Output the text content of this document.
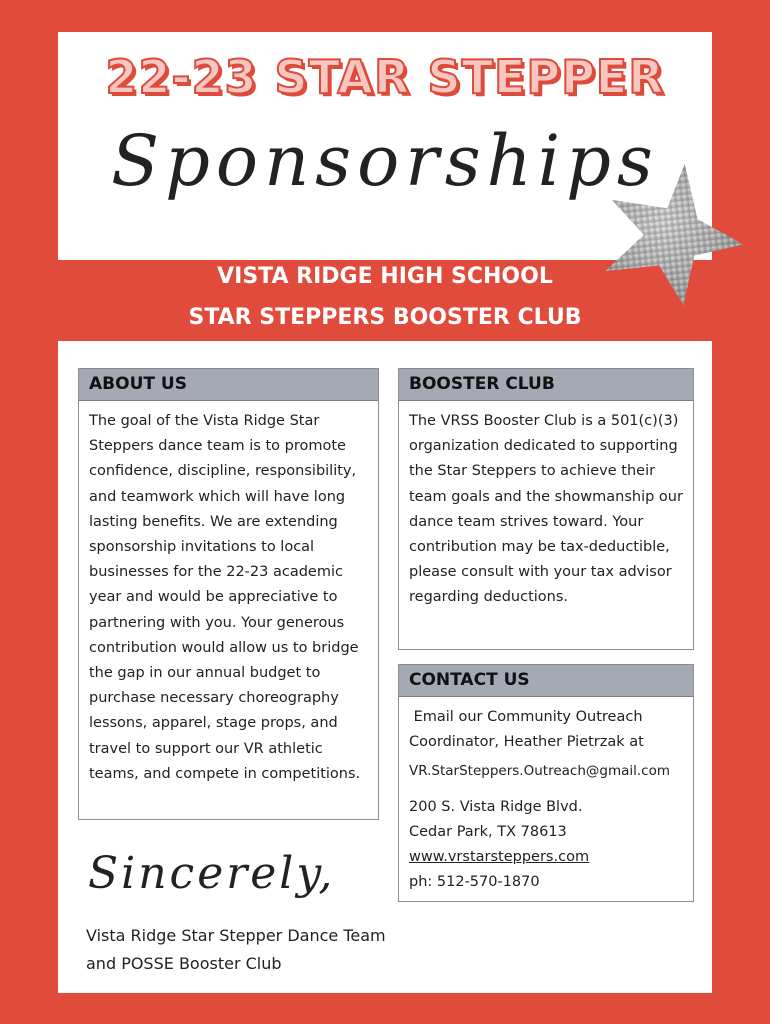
22-23 STAR STEPPER
Sponsorships
VISTA RIDGE HIGH SCHOOL
STAR STEPPERS BOOSTER CLUB
ABOUT US
The goal of the Vista Ridge Star Steppers dance team is to promote confidence, discipline, responsibility, and teamwork which will have long lasting benefits. We are extending sponsorship invitations to local businesses for the 22-23 academic year and would be appreciative to partnering with you. Your generous contribution would allow us to bridge the gap in our annual budget to purchase necessary choreography lessons, apparel, stage props, and travel to support our VR athletic teams, and compete in competitions.
BOOSTER CLUB
The VRSS Booster Club is a 501(c)(3) organization dedicated to supporting the Star Steppers to achieve their team goals and the showmanship our dance team strives toward. Your contribution may be tax-deductible, please consult with your tax advisor regarding deductions.
CONTACT US
Email our Community Outreach Coordinator, Heather Pietrzak at
VR.StarSteppers.Outreach@gmail.com
200 S. Vista Ridge Blvd.
Cedar Park, TX 78613
www.vrstarsteppers.com
ph: 512-570-1870
Sincerely,
Vista Ridge Star Stepper Dance Team
and POSSE Booster Club
